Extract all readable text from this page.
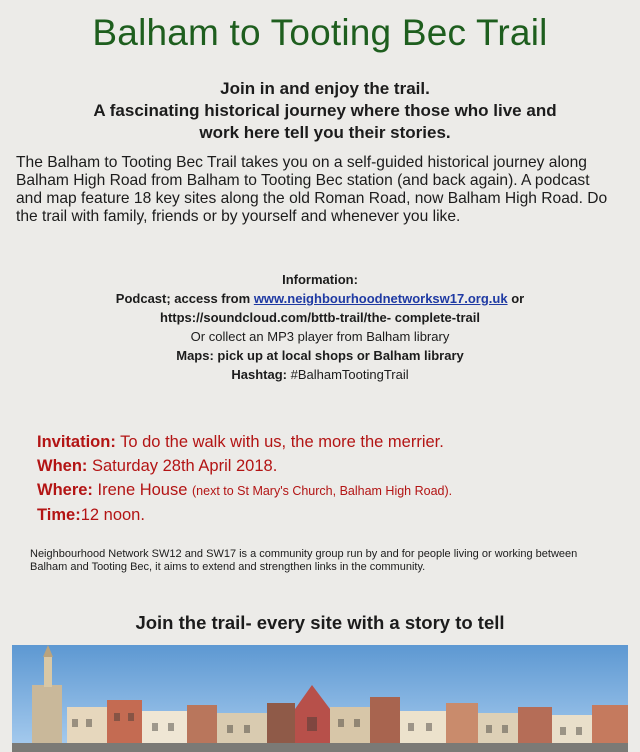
Balham to Tooting Bec Trail
Join in and enjoy the trail.
A fascinating historical journey where those who live and
work here tell you their stories.
The Balham to Tooting Bec Trail takes you on a self-guided historical journey along Balham High Road from Balham to Tooting Bec station (and back again). A podcast and map feature 18 key sites along the old Roman Road, now Balham High Road. Do the trail with family, friends or by yourself and whenever you like.
Information:
Podcast; access from www.neighbourhoodnetworksw17.org.uk or
https://soundcloud.com/bttb-trail/the- complete-trail
Or collect an MP3 player from Balham library
Maps: pick up at local shops or Balham library
Hashtag: #BalhamTootingTrail
Invitation: To do the walk with us, the more the merrier.
When: Saturday 28th April 2018.
Where: Irene House (next to St Mary's Church, Balham High Road).
Time:12 noon.
Neighbourhood Network SW12 and SW17 is a community group run by and for people living or working between Balham and Tooting Bec, it aims to extend and strengthen links in the community.
Join the trail- every site with a story to tell
